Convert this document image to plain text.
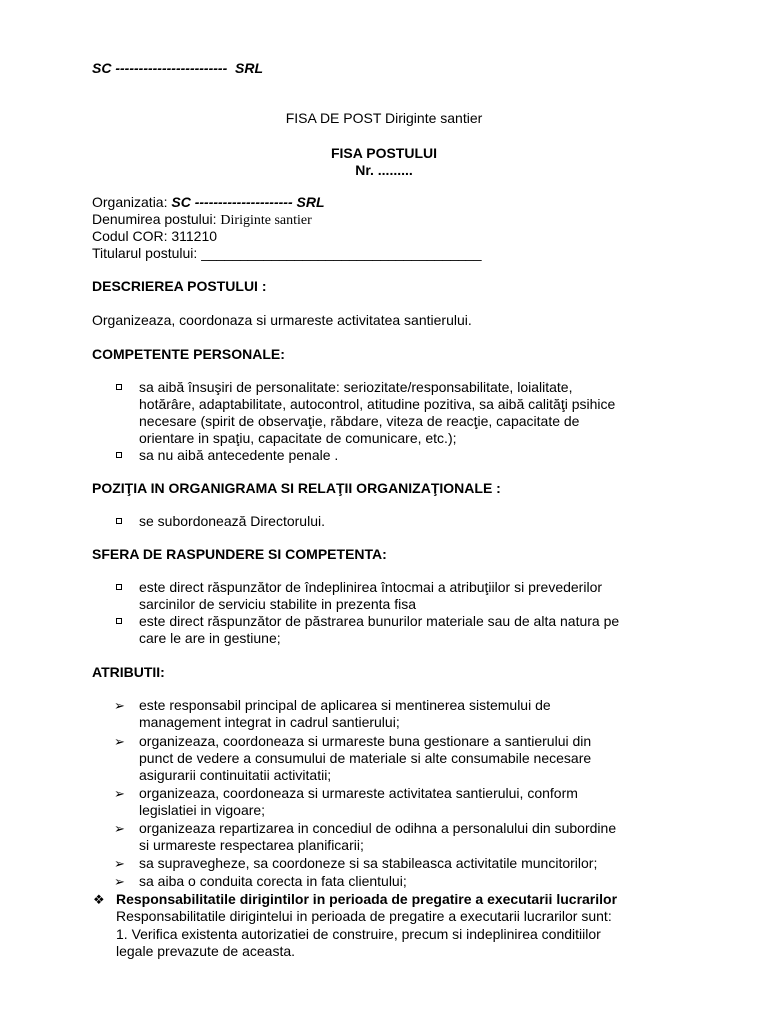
SC ------------------------ SRL
FISA DE POST Diriginte santier
FISA POSTULUI
Nr. .........
Organizatia: SC --------------------- SRL
Denumirea postului: Diriginte santier
Codul COR: 311210
Titularul postului: ____________________________________
DESCRIEREA POSTULUI :
Organizeaza, coordonaza si urmareste activitatea santierului.
COMPETENTE PERSONALE:
sa aibă însuşiri de personalitate: seriozitate/responsabilitate, loialitate,
hotărâre, adaptabilitate, autocontrol, atitudine pozitiva, sa aibă calităţi psihice
necesare (spirit de observaţie, răbdare, viteza de reacţie, capacitate de
orientare in spaţiu, capacitate de comunicare, etc.);
sa nu aibă antecedente penale .
POZIŢIA IN ORGANIGRAMA SI RELAŢII ORGANIZAŢIONALE :
se subordonează Directorului.
SFERA DE RASPUNDERE SI COMPETENTA:
este direct răspunzător de îndeplinirea întocmai a atribuţiilor si prevederilor
sarcinilor de serviciu stabilite in prezenta fisa
este direct răspunzător de păstrarea bunurilor materiale sau de alta natura pe
care le are in gestiune;
ATRIBUTII:
➢ este responsabil principal de aplicarea si mentinerea sistemului de
management integrat in cadrul santierului;
➢ organizeaza, coordoneaza si urmareste buna gestionare a santierului din
punct de vedere a consumului de materiale si alte consumabile necesare
asigurarii continuitatii activitatii;
➢ organizeaza, coordoneaza si urmareste activitatea santierului, conform
legislatiei in vigoare;
➢ organizeaza repartizarea in concediul de odihna a personalului din subordine
si urmareste respectarea planificarii;
➢ sa supravegheze, sa coordoneze si sa stabileasca activitatile muncitorilor;
➢ sa aiba o conduita corecta in fata clientului;
❖ Responsabilitatile dirigintilor in perioada de pregatire a executarii lucrarilor
Responsabilitatile dirigintelui in perioada de pregatire a executarii lucrarilor sunt:
1. Verifica existenta autorizatiei de construire, precum si indeplinirea conditiilor
legale prevazute de aceasta.
